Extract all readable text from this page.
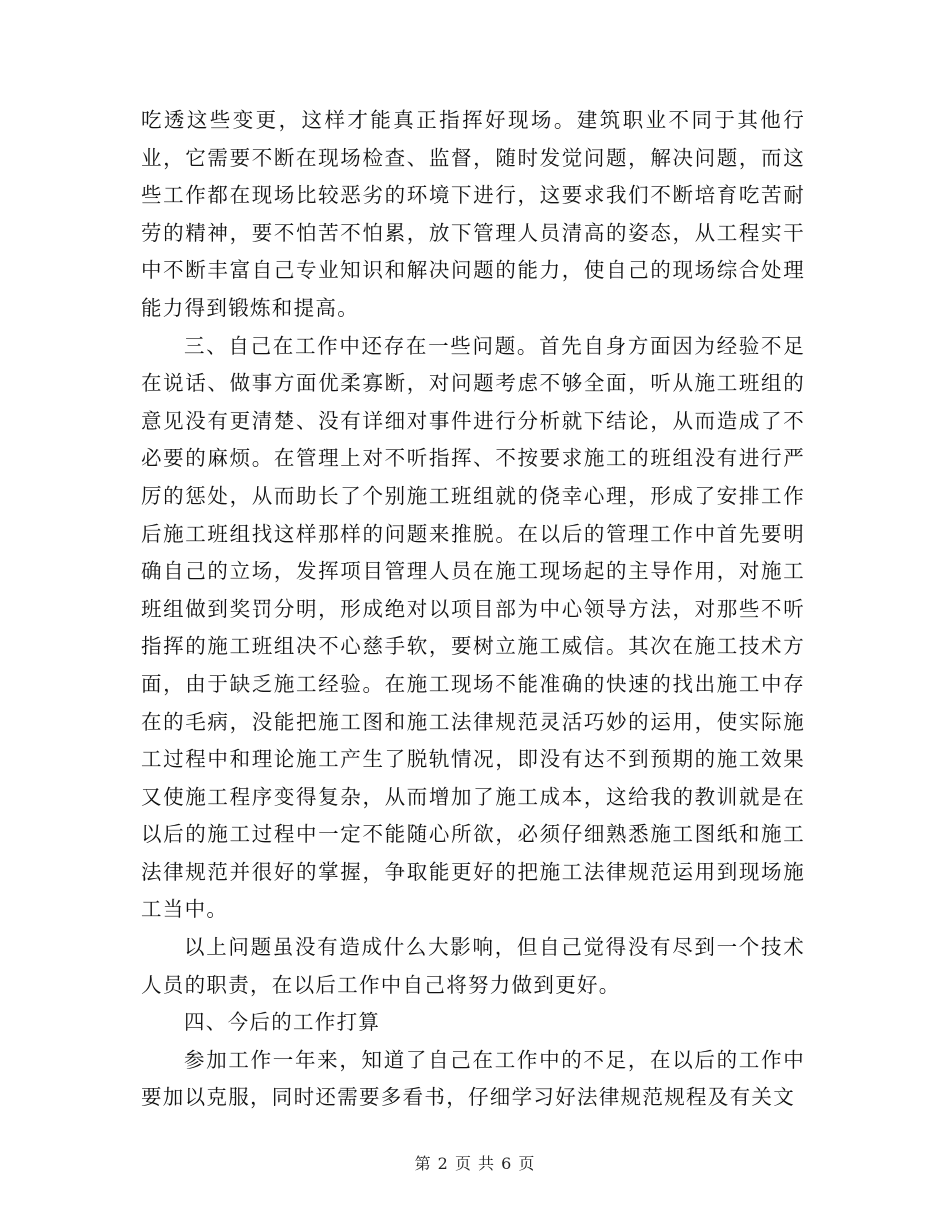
吃透这些变更，这样才能真正指挥好现场。建筑职业不同于其他行业，它需要不断在现场检查、监督，随时发觉问题，解决问题，而这些工作都在现场比较恶劣的环境下进行，这要求我们不断培育吃苦耐劳的精神，要不怕苦不怕累，放下管理人员清高的姿态，从工程实干中不断丰富自己专业知识和解决问题的能力，使自己的现场综合处理能力得到锻炼和提高。

三、自己在工作中还存在一些问题。首先自身方面因为经验不足在说话、做事方面优柔寡断，对问题考虑不够全面，听从施工班组的意见没有更清楚、没有详细对事件进行分析就下结论，从而造成了不必要的麻烦。在管理上对不听指挥、不按要求施工的班组没有进行严厉的惩处，从而助长了个别施工班组就的侥幸心理，形成了安排工作后施工班组找这样那样的问题来推脱。在以后的管理工作中首先要明确自己的立场，发挥项目管理人员在施工现场起的主导作用，对施工班组做到奖罚分明，形成绝对以项目部为中心领导方法，对那些不听指挥的施工班组决不心慈手软，要树立施工威信。其次在施工技术方面，由于缺乏施工经验。在施工现场不能准确的快速的找出施工中存在的毛病，没能把施工图和施工法律规范灵活巧妙的运用，使实际施工过程中和理论施工产生了脱轨情况，即没有达不到预期的施工效果又使施工程序变得复杂，从而增加了施工成本，这给我的教训就是在以后的施工过程中一定不能随心所欲，必须仔细熟悉施工图纸和施工法律规范并很好的掌握，争取能更好的把施工法律规范运用到现场施工当中。

以上问题虽没有造成什么大影响，但自己觉得没有尽到一个技术人员的职责，在以后工作中自己将努力做到更好。

四、今后的工作打算

参加工作一年来，知道了自己在工作中的不足，在以后的工作中要加以克服，同时还需要多看书，仔细学习好法律规范规程及有关文

第 2 页 共 6 页
